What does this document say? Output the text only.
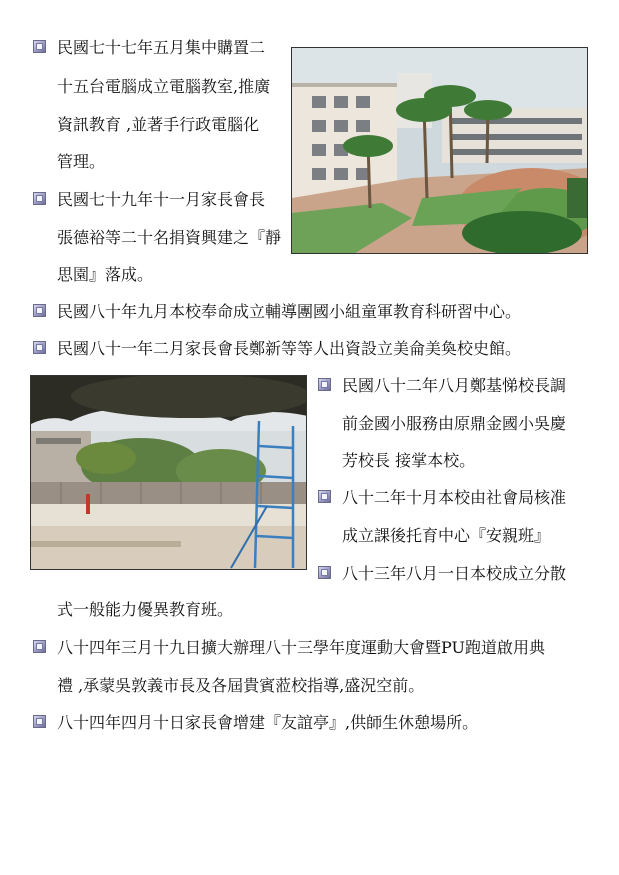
民國七十七年五月集中購置二
十五台電腦成立電腦教室,推廣
資訊教育 ,並著手行政電腦化
管理。
民國七十九年十一月家長會長
張德裕等二十名捐資興建之『靜
思園』落成。
民國八十年九月本校奉命成立輔導團國小組童軍教育科研習中心。
民國八十一年二月家長會長鄭新等等人出資設立美侖美奐校史館。
民國八十二年八月鄭基悌校長調
前金國小服務由原鼎金國小吳慶
芳校長 接掌本校。
八十二年十月本校由社會局核准
成立課後托育中心『安親班』
八十三年八月一日本校成立分散
式一般能力優異教育班。
八十四年三月十九日擴大辦理八十三學年度運動大會暨PU跑道啟用典
禮 ,承蒙吳敦義市長及各屆貴賓蒞校指導,盛況空前。
八十四年四月十日家長會增建『友誼亭』,供師生休憩場所。
